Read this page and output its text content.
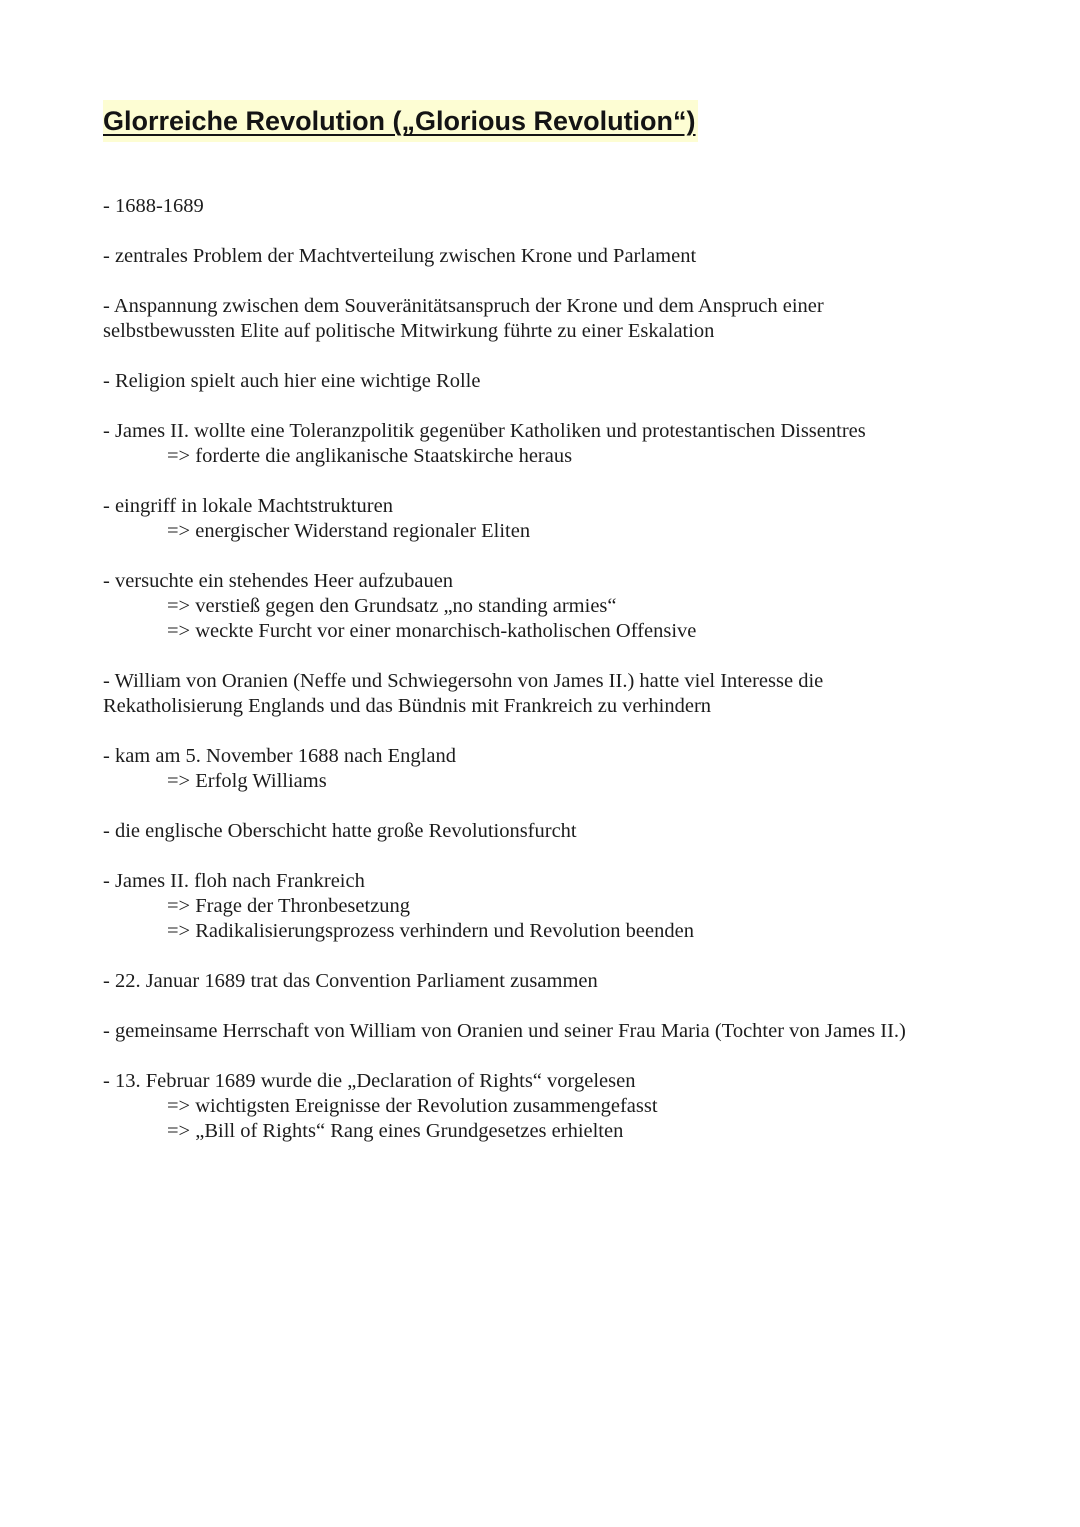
Glorreiche Revolution („Glorious Revolution“)
- 1688-1689
- zentrales Problem der Machtverteilung zwischen Krone und Parlament
- Anspannung zwischen dem Souveränitätsanspruch der Krone und dem Anspruch einer
selbstbewussten Elite auf politische Mitwirkung führte zu einer Eskalation
- Religion spielt auch hier eine wichtige Rolle
- James II. wollte eine Toleranzpolitik gegenüber Katholiken und protestantischen Dissentres
=> forderte die anglikanische Staatskirche heraus
- eingriff in lokale Machtstrukturen
=> energischer Widerstand regionaler Eliten
- versuchte ein stehendes Heer aufzubauen
=> verstieß gegen den Grundsatz „no standing armies“
=> weckte Furcht vor einer monarchisch-katholischen Offensive
- William von Oranien (Neffe und Schwiegersohn von James II.) hatte viel Interesse die
Rekatholisierung Englands und das Bündnis mit Frankreich zu verhindern
- kam am 5. November 1688 nach England
=> Erfolg Williams
- die englische Oberschicht hatte große Revolutionsfurcht
- James II. floh nach Frankreich
=> Frage der Thronbesetzung
=> Radikalisierungsprozess verhindern und Revolution beenden
- 22. Januar 1689 trat das Convention Parliament zusammen
- gemeinsame Herrschaft von William von Oranien und seiner Frau Maria (Tochter von James II.)
- 13. Februar 1689 wurde die „Declaration of Rights“ vorgelesen
=> wichtigsten Ereignisse der Revolution zusammengefasst
=> „Bill of Rights“ Rang eines Grundgesetzes erhielten
